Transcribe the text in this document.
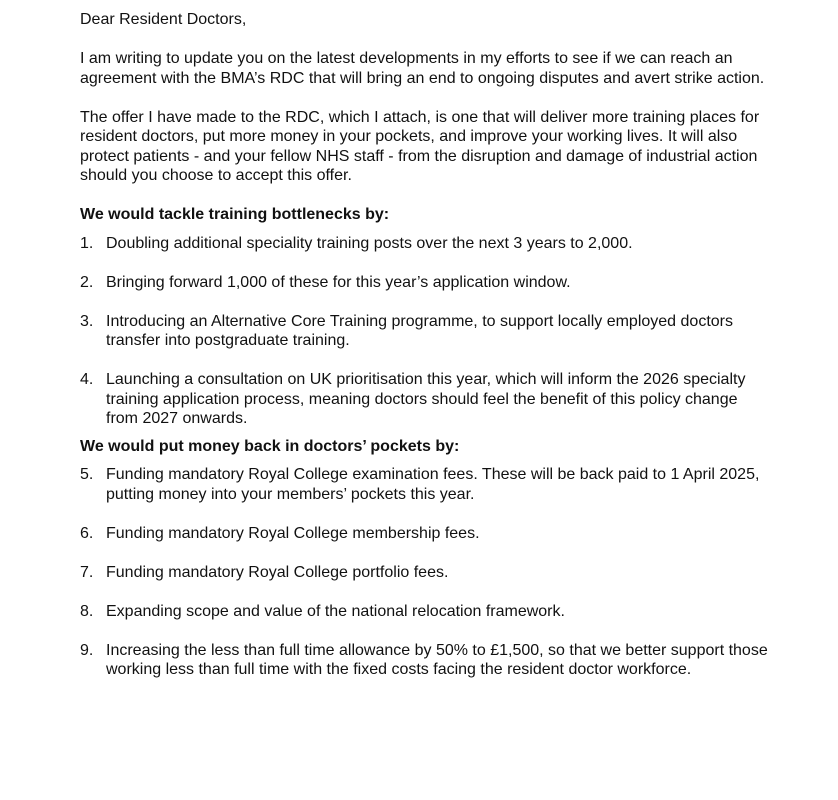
Dear Resident Doctors,

I am writing to update you on the latest developments in my efforts to see if we can reach an agreement with the BMA’s RDC that will bring an end to ongoing disputes and avert strike action.

The offer I have made to the RDC, which I attach, is one that will deliver more training places for resident doctors, put more money in your pockets, and improve your working lives. It will also protect patients - and your fellow NHS staff - from the disruption and damage of industrial action should you choose to accept this offer.

We would tackle training bottlenecks by:

1. Doubling additional speciality training posts over the next 3 years to 2,000.
2. Bringing forward 1,000 of these for this year’s application window.
3. Introducing an Alternative Core Training programme, to support locally employed doctors transfer into postgraduate training.
4. Launching a consultation on UK prioritisation this year, which will inform the 2026 specialty training application process, meaning doctors should feel the benefit of this policy change from 2027 onwards.

We would put money back in doctors’ pockets by:

5. Funding mandatory Royal College examination fees. These will be back paid to 1 April 2025, putting money into your members’ pockets this year.
6. Funding mandatory Royal College membership fees.
7. Funding mandatory Royal College portfolio fees.
8. Expanding scope and value of the national relocation framework.
9. Increasing the less than full time allowance by 50% to £1,500, so that we better support those working less than full time with the fixed costs facing the resident doctor workforce.
